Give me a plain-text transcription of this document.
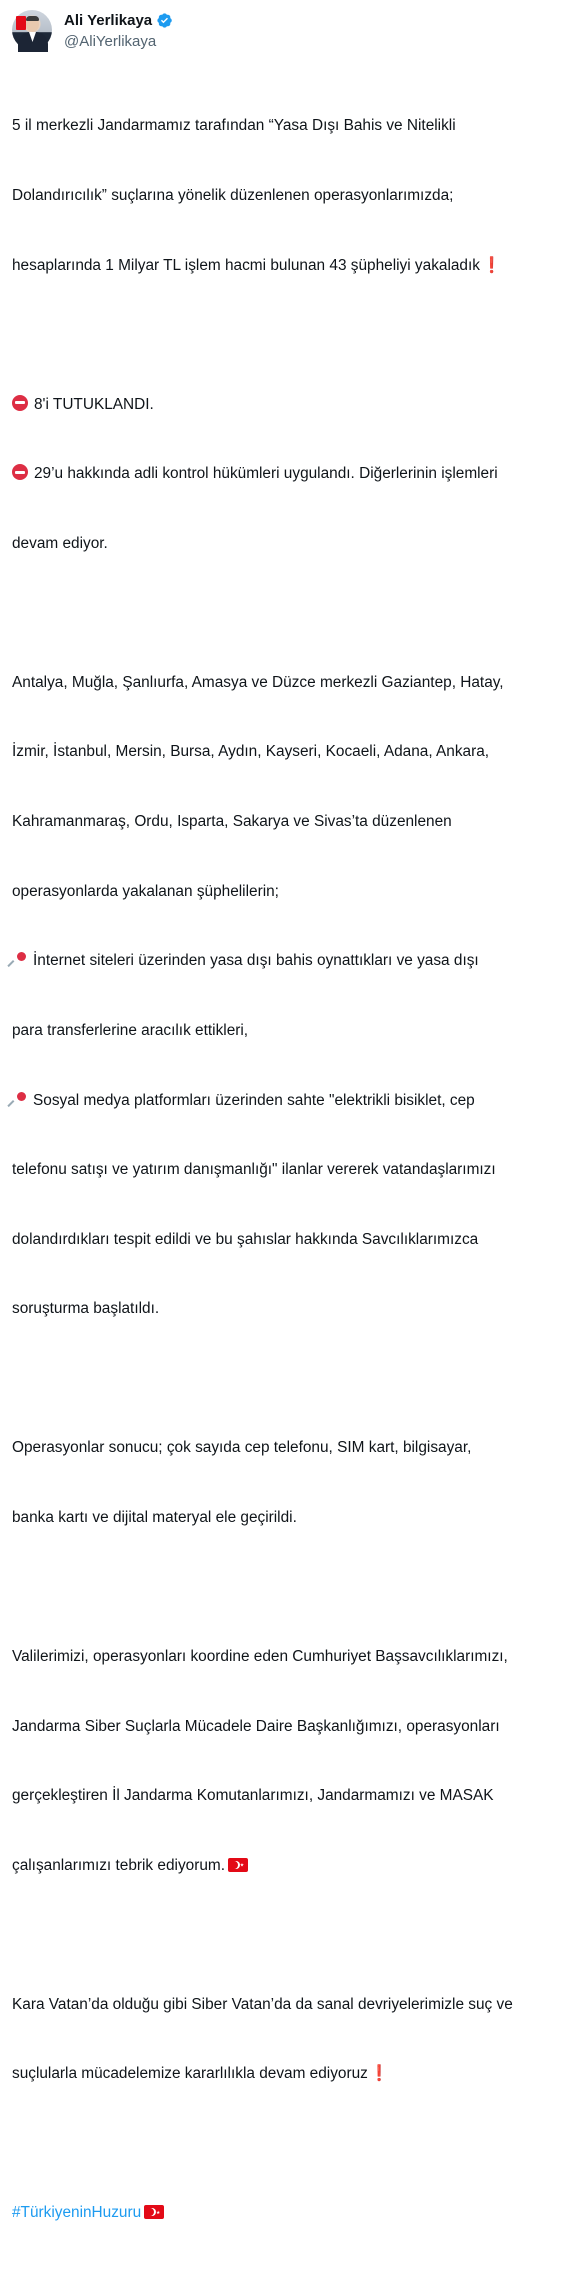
Ali Yerlikaya
@AliYerlikaya

5 il merkezli Jandarmamız tarafından “Yasa Dışı Bahis ve Nitelikli

Dolandırıcılık” suçlarına yönelik düzenlenen operasyonlarımızda;

hesaplarında 1 Milyar TL işlem hacmi bulunan 43 şüpheliyi yakaladık ❗

8'i TUTUKLANDI.

29’u hakkında adli kontrol hükümleri uygulandı. Diğerlerinin işlemleri

devam ediyor.

Antalya, Muğla, Şanlıurfa, Amasya ve Düzce merkezli Gaziantep, Hatay,

İzmir, İstanbul, Mersin, Bursa, Aydın, Kayseri, Kocaeli, Adana, Ankara,

Kahramanmaraş, Ordu, Isparta, Sakarya ve Sivas’ta düzenlenen

operasyonlarda yakalanan şüphelilerin;

İnternet siteleri üzerinden yasa dışı bahis oynattıkları ve yasa dışı

para transferlerine aracılık ettikleri,

Sosyal medya platformları üzerinden sahte "elektrikli bisiklet, cep

telefonu satışı ve yatırım danışmanlığı" ilanlar vererek vatandaşlarımızı

dolandırdıkları tespit edildi ve bu şahıslar hakkında Savcılıklarımızca

soruşturma başlatıldı.

Operasyonlar sonucu; çok sayıda cep telefonu, SIM kart, bilgisayar,

banka kartı ve dijital materyal ele geçirildi.

Valilerimizi, operasyonları koordine eden Cumhuriyet Başsavcılıklarımızı,

Jandarma Siber Suçlarla Mücadele Daire Başkanlığımızı, operasyonları

gerçekleştiren İl Jandarma Komutanlarımızı, Jandarmamızı ve MASAK

çalışanlarımızı tebrik ediyorum.

Kara Vatan’da olduğu gibi Siber Vatan’da da sanal devriyelerimizle suç ve

suçlularla mücadelemize kararlılıkla devam ediyoruz ❗

#TürkiyeninHuzuru
